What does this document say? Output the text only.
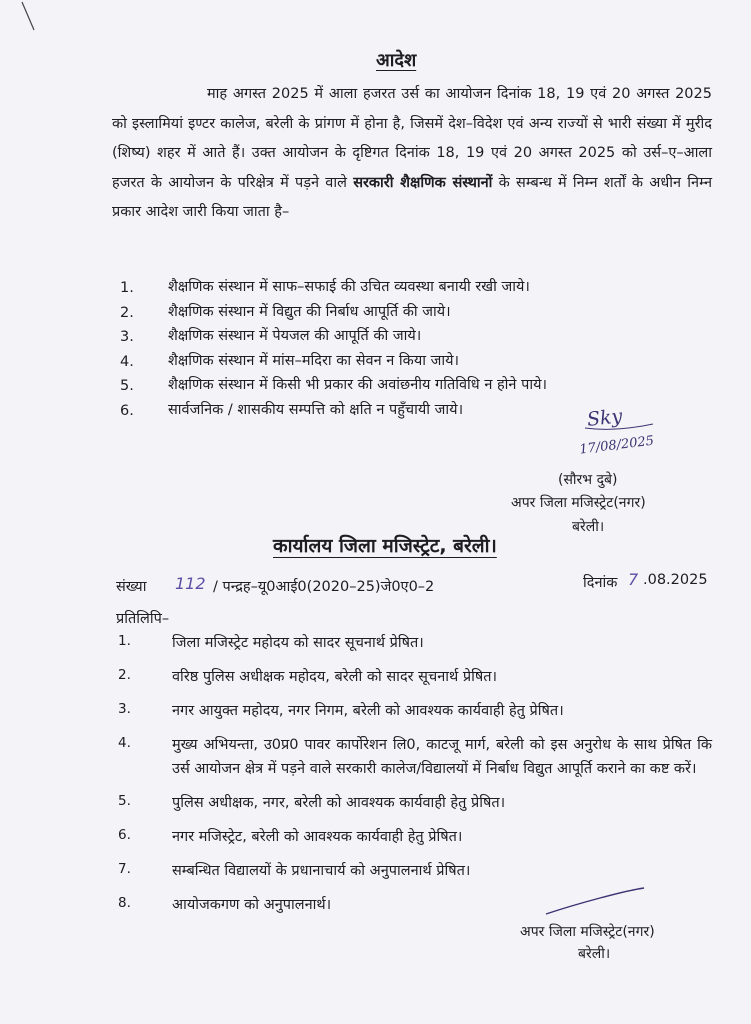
आदेश
माह अगस्त 2025 में आला हजरत उर्स का आयोजन दिनांक 18, 19 एवं 20 अगस्त 2025 को इस्लामियां इण्टर कालेज, बरेली के प्रांगण में होना है, जिसमें देश–विदेश एवं अन्य राज्यों से भारी संख्या में मुरीद (शिष्य) शहर में आते हैं। उक्त आयोजन के दृष्टिगत दिनांक 18, 19 एवं 20 अगस्त 2025 को उर्स–ए–आला हजरत के आयोजन के परिक्षेत्र में पड़ने वाले सरकारी शैक्षणिक संस्थानों के सम्बन्ध में निम्न शर्तों के अधीन निम्न प्रकार आदेश जारी किया जाता है–
1. शैक्षणिक संस्थान में साफ–सफाई की उचित व्यवस्था बनायी रखी जाये।
2. शैक्षणिक संस्थान में विद्युत की निर्बाध आपूर्ति की जाये।
3. शैक्षणिक संस्थान में पेयजल की आपूर्ति की जाये।
4. शैक्षणिक संस्थान में मांस–मदिरा का सेवन न किया जाये।
5. शैक्षणिक संस्थान में किसी भी प्रकार की अवांछनीय गतिविधि न होने पाये।
6. सार्वजनिक / शासकीय सम्पत्ति को क्षति न पहुँचायी जाये।	Sky
17/08/2025
(सौरभ दुबे)
अपर जिला मजिस्ट्रेट(नगर)
बरेली।
कार्यालय जिला मजिस्ट्रेट, बरेली।
संख्या 112 / पन्द्रह–यू0आई0(2020–25)जे0ए0–2	दिनांक 7 .08.2025
प्रतिलिपि–
1.	जिला मजिस्ट्रेट महोदय को सादर सूचनार्थ प्रेषित।
2.	वरिष्ठ पुलिस अधीक्षक महोदय, बरेली को सादर सूचनार्थ प्रेषित।
3.	नगर आयुक्त महोदय, नगर निगम, बरेली को आवश्यक कार्यवाही हेतु प्रेषित।
4.	मुख्य अभियन्ता, उ0प्र0 पावर कार्पोरेशन लि0, काटजू मार्ग, बरेली को इस अनुरोध के साथ प्रेषित कि उर्स आयोजन क्षेत्र में पड़ने वाले सरकारी कालेज/विद्यालयों में निर्बाध विद्युत आपूर्ति कराने का कष्ट करें।
5.	पुलिस अधीक्षक, नगर, बरेली को आवश्यक कार्यवाही हेतु प्रेषित।
6.	नगर मजिस्ट्रेट, बरेली को आवश्यक कार्यवाही हेतु प्रेषित।
7.	सम्बन्धित विद्यालयों के प्रधानाचार्य को अनुपालनार्थ प्रेषित।
8.	आयोजकगण को अनुपालनार्थ।
अपर जिला मजिस्ट्रेट(नगर)
बरेली।
